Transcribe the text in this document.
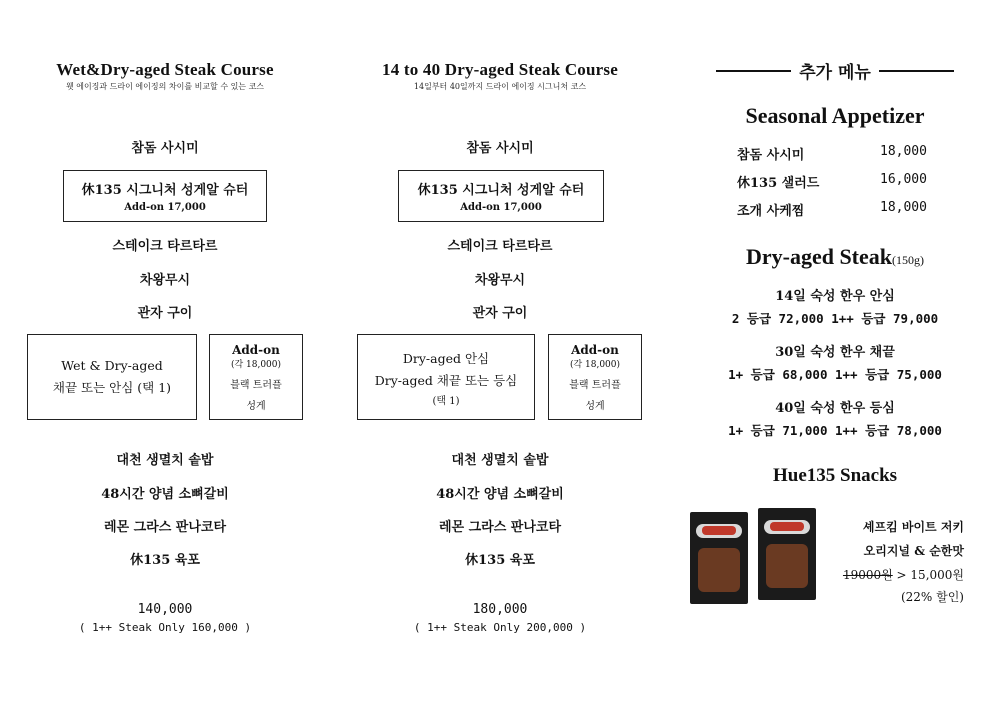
Wet&Dry-aged Steak Course
웻 에이징과 드라이 에이징의 차이를 비교할 수 있는 코스
참돔 사시미
休135 시그니처 성게알 슈터
Add-on 17,000
스테이크 타르타르
차왕무시
관자 구이
Wet & Dry-aged
채끝 또는 안심 (택 1)
Add-on
(각 18,000)
블랙 트러플
성게
대천 생멸치 솥밥
48시간 양념 소뼈갈비
레몬 그라스 판나코타
休135 육포
140,000
( 1++ Steak Only 160,000 )
14 to 40 Dry-aged Steak Course
14일부터 40일까지 드라이 에이징 시그니처 코스
참돔 사시미
休135 시그니처 성게알 슈터
Add-on 17,000
스테이크 타르타르
차왕무시
관자 구이
Dry-aged 안심
Dry-aged 채끝 또는 등심
(택 1)
Add-on
(각 18,000)
블랙 트러플
성게
대천 생멸치 솥밥
48시간 양념 소뼈갈비
레몬 그라스 판나코타
休135 육포
180,000
( 1++ Steak Only 200,000 )
추가 메뉴
Seasonal Appetizer
참돔 사시미	18,000
休135 샐러드	16,000
조개 사케찜	18,000
Dry-aged Steak(150g)
14일 숙성 한우 안심
2 등급 72,000 1++ 등급 79,000
30일 숙성 한우 채끝
1+ 등급 68,000 1++ 등급 75,000
40일 숙성 한우 등심
1+ 등급 71,000 1++ 등급 78,000
Hue135 Snacks
셰프킴 바이트 저키
오리지널 & 순한맛
19000원 > 15,000원
(22% 할인)
